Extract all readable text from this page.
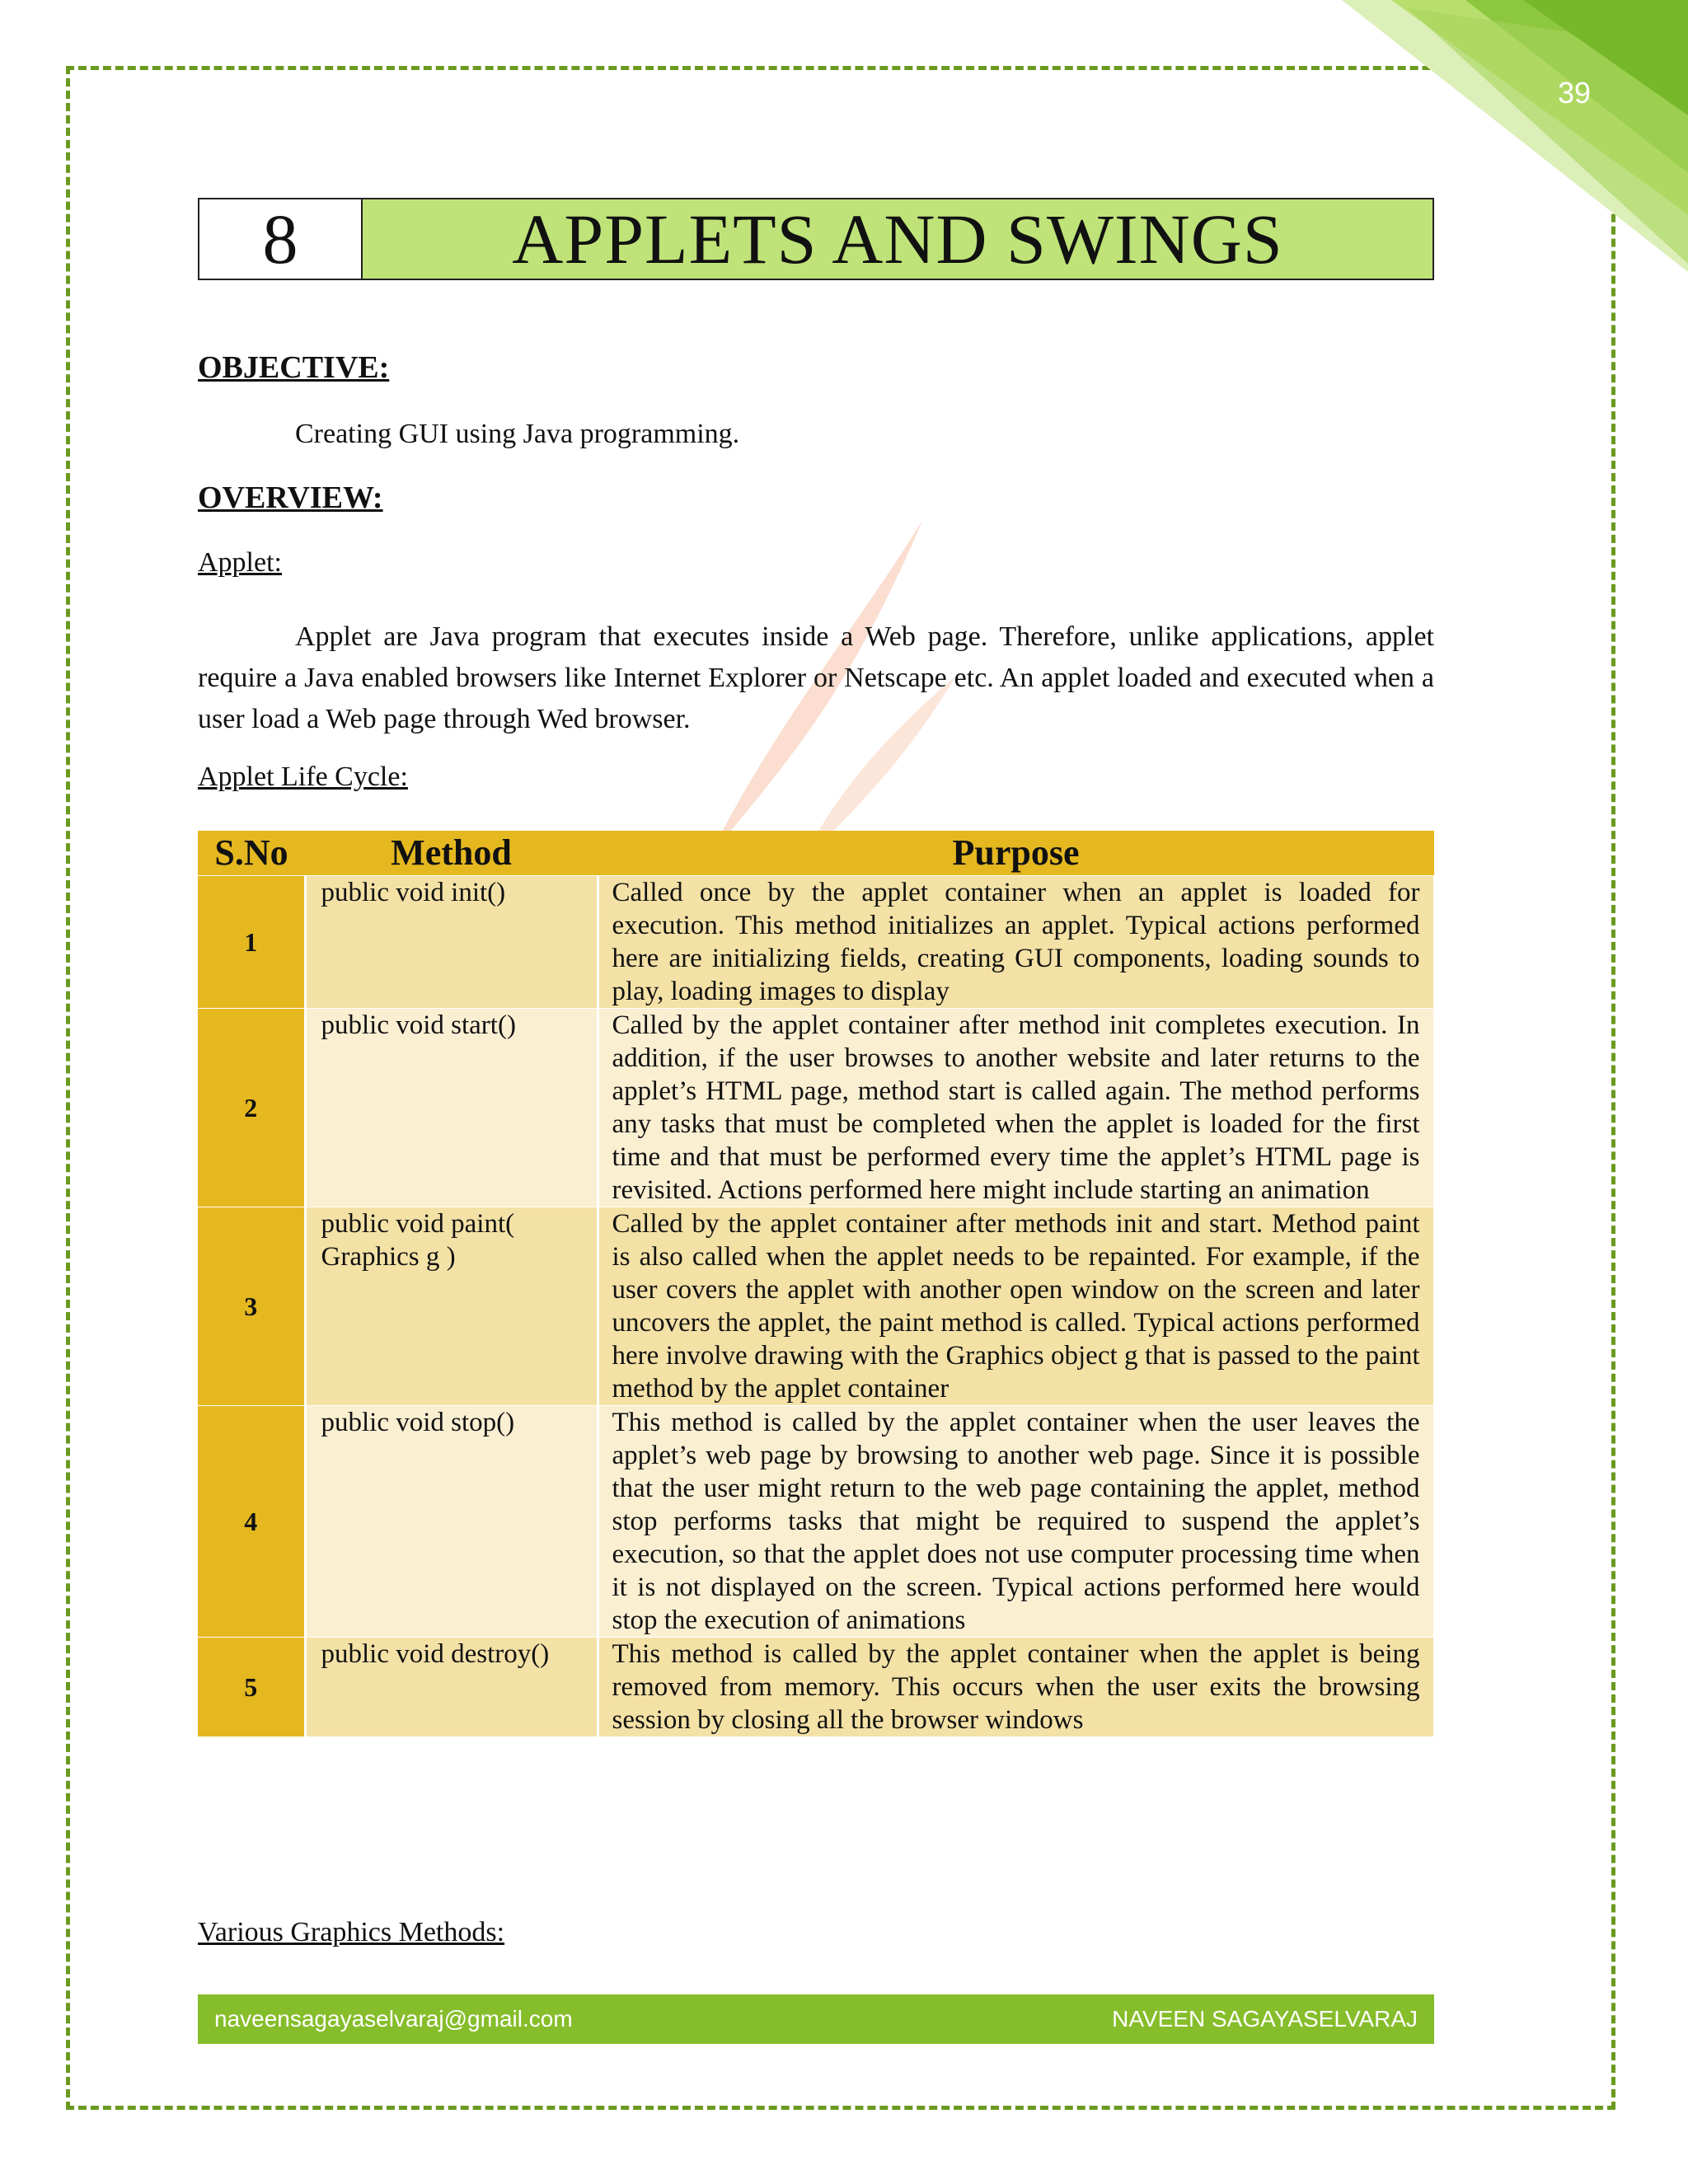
39
8	APPLETS AND SWINGS
OBJECTIVE:
Creating GUI using Java programming.
OVERVIEW:
Applet:
Applet are Java program that executes inside a Web page. Therefore, unlike applications, applet require a Java enabled browsers like Internet Explorer or Netscape etc. An applet loaded and executed when a user load a Web page through Wed browser.
Applet Life Cycle:
S.No	Method	Purpose
1	public void init()	Called once by the applet container when an applet is loaded for execution. This method initializes an applet. Typical actions performed here are initializing fields, creating GUI components, loading sounds to play, loading images to display
2	public void start()	Called by the applet container after method init completes execution. In addition, if the user browses to another website and later returns to the applet’s HTML page, method start is called again. The method performs any tasks that must be completed when the applet is loaded for the first time and that must be performed every time the applet’s HTML page is revisited. Actions performed here might include starting an animation
3	public void paint( Graphics g )	Called by the applet container after methods init and start. Method paint is also called when the applet needs to be repainted. For example, if the user covers the applet with another open window on the screen and later uncovers the applet, the paint method is called. Typical actions performed here involve drawing with the Graphics object g that is passed to the paint method by the applet container
4	public void stop()	This method is called by the applet container when the user leaves the applet’s web page by browsing to another web page. Since it is possible that the user might return to the web page containing the applet, method stop performs tasks that might be required to suspend the applet’s execution, so that the applet does not use computer processing time when it is not displayed on the screen. Typical actions performed here would stop the execution of animations
5	public void destroy()	This method is called by the applet container when the applet is being removed from memory. This occurs when the user exits the browsing session by closing all the browser windows
Various Graphics Methods:
naveensagayaselvaraj@gmail.com	NAVEEN SAGAYASELVARAJ
